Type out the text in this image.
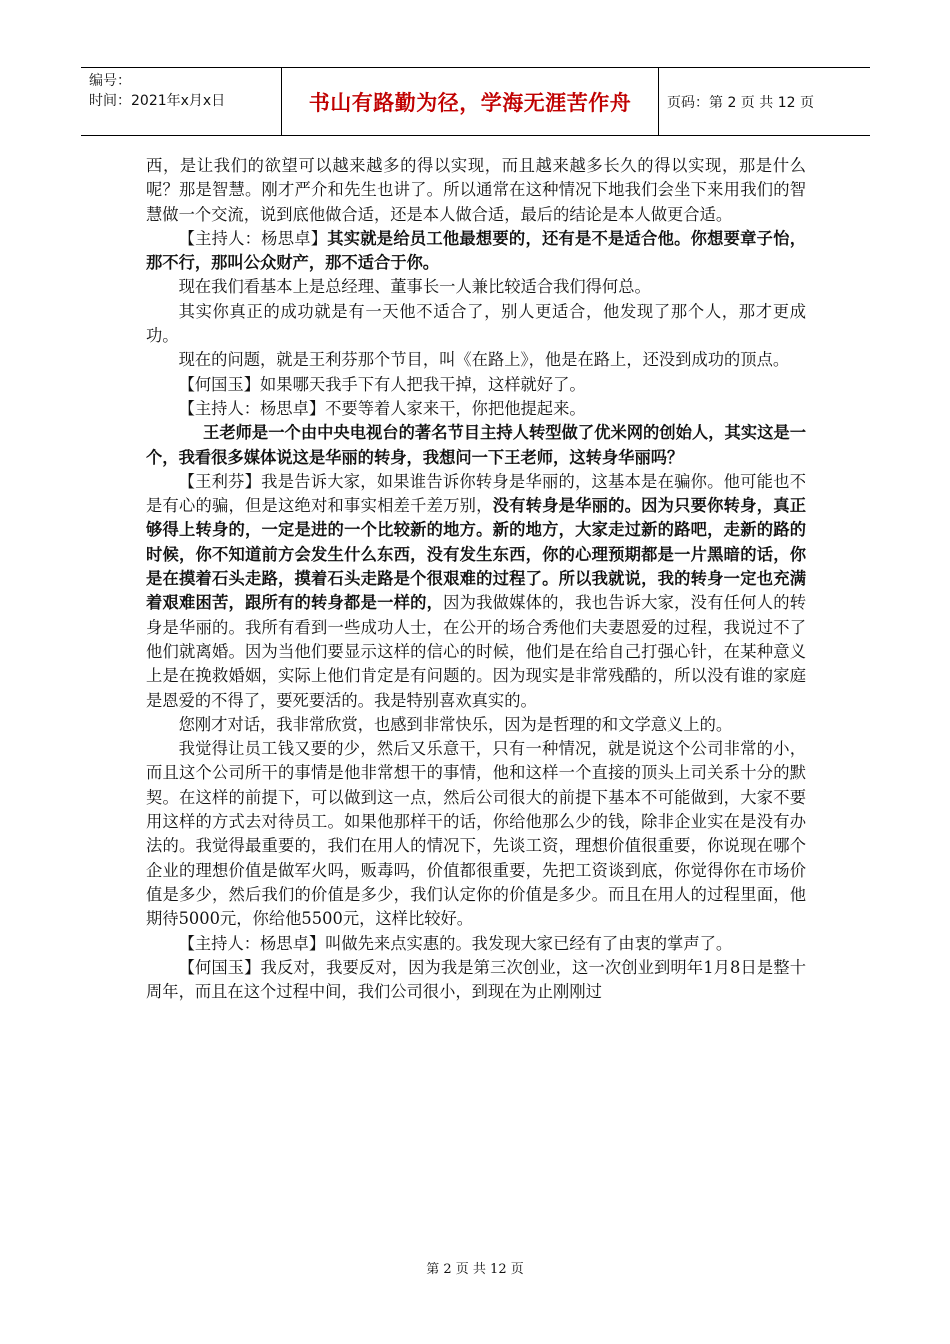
编号：
时间：2021年x月x日	书山有路勤为径，学海无涯苦作舟	页码：第 2 页 共 12 页

西，是让我们的欲望可以越来越多的得以实现，而且越来越多长久的得以实现，那是什么呢？那是智慧。刚才严介和先生也讲了。所以通常在这种情况下地我们会坐下来用我们的智慧做一个交流，说到底他做合适，还是本人做合适，最后的结论是本人做更合适。

【主持人：杨思卓】其实就是给员工他最想要的，还有是不是适合他。你想要章子怡，那不行，那叫公众财产，那不适合于你。

现在我们看基本上是总经理、董事长一人兼比较适合我们得何总。

其实你真正的成功就是有一天他不适合了，别人更适合，他发现了那个人，那才更成功。

现在的问题，就是王利芬那个节目，叫《在路上》，他是在路上，还没到成功的顶点。

【何国玉】如果哪天我手下有人把我干掉，这样就好了。

【主持人：杨思卓】不要等着人家来干，你把他提起来。

王老师是一个由中央电视台的著名节目主持人转型做了优米网的创始人，其实这是一个，我看很多媒体说这是华丽的转身，我想问一下王老师，这转身华丽吗？

【王利芬】我是告诉大家，如果谁告诉你转身是华丽的，这基本是在骗你。他可能也不是有心的骗，但是这绝对和事实相差千差万别，没有转身是华丽的。因为只要你转身，真正够得上转身的，一定是进的一个比较新的地方。新的地方，大家走过新的路吧，走新的路的时候，你不知道前方会发生什么东西，没有发生东西，你的心理预期都是一片黑暗的话，你是在摸着石头走路，摸着石头走路是个很艰难的过程了。所以我就说，我的转身一定也充满着艰难困苦，跟所有的转身都是一样的，因为我做媒体的，我也告诉大家，没有任何人的转身是华丽的。我所有看到一些成功人士，在公开的场合秀他们夫妻恩爱的过程，我说过不了他们就离婚。因为当他们要显示这样的信心的时候，他们是在给自己打强心针，在某种意义上是在挽救婚姻，实际上他们肯定是有问题的。因为现实是非常残酷的，所以没有谁的家庭是恩爱的不得了，要死要活的。我是特别喜欢真实的。

您刚才对话，我非常欣赏，也感到非常快乐，因为是哲理的和文学意义上的。

我觉得让员工钱又要的少，然后又乐意干，只有一种情况，就是说这个公司非常的小，而且这个公司所干的事情是他非常想干的事情，他和这样一个直接的顶头上司关系十分的默契。在这样的前提下，可以做到这一点，然后公司很大的前提下基本不可能做到，大家不要用这样的方式去对待员工。如果他那样干的话，你给他那么少的钱，除非企业实在是没有办法的。我觉得最重要的，我们在用人的情况下，先谈工资，理想价值很重要，你说现在哪个企业的理想价值是做军火吗，贩毒吗，价值都很重要，先把工资谈到底，你觉得你在市场价值是多少，然后我们的价值是多少，我们认定你的价值是多少。而且在用人的过程里面，他期待5000元，你给他5500元，这样比较好。

【主持人：杨思卓】叫做先来点实惠的。我发现大家已经有了由衷的掌声了。

【何国玉】我反对，我要反对，因为我是第三次创业，这一次创业到明年1月8日是整十周年，而且在这个过程中间，我们公司很小，到现在为止刚刚过

第 2 页 共 12 页
